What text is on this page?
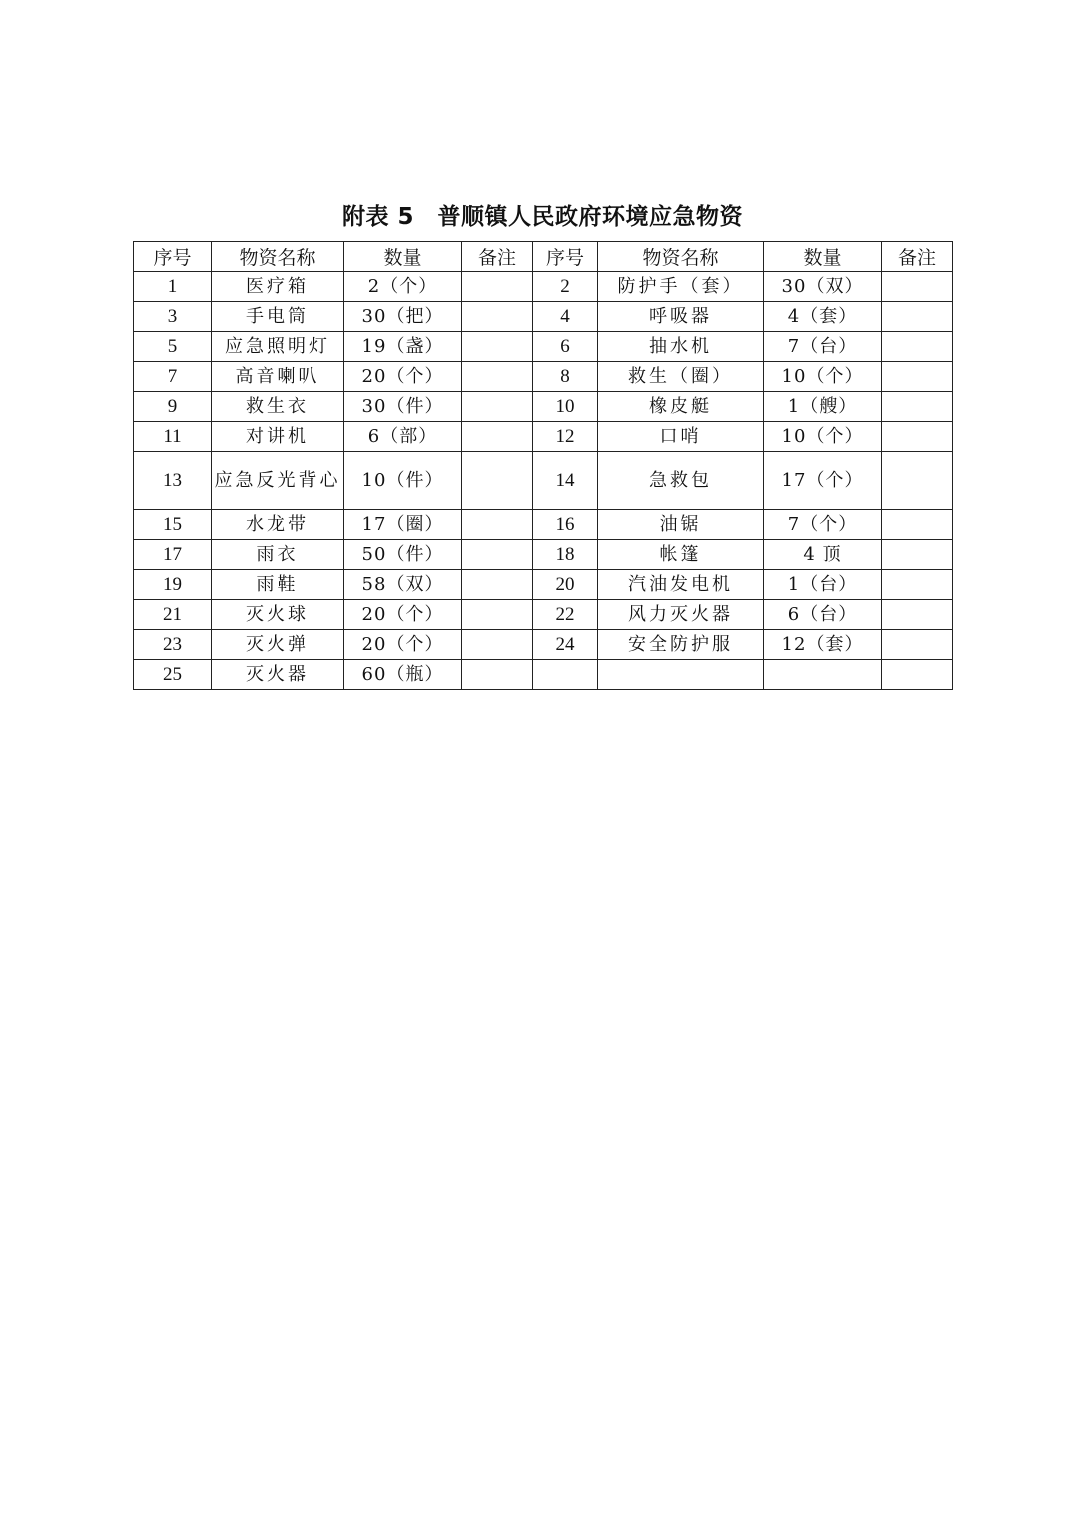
附表 5　普顺镇人民政府环境应急物资
序号	物资名称	数量	备注	序号	物资名称	数量	备注
1	医疗箱	2（个）		2	防护手（套）	30（双）	
3	手电筒	30（把）		4	呼吸器	4（套）	
5	应急照明灯	19（盏）		6	抽水机	7（台）	
7	高音喇叭	20（个）		8	救生（圈）	10（个）	
9	救生衣	30（件）		10	橡皮艇	1（艘）	
11	对讲机	6（部）		12	口哨	10（个）	
13	应急反光背心	10（件）		14	急救包	17（个）	
15	水龙带	17（圈）		16	油锯	7（个）	
17	雨衣	50（件）		18	帐篷	4 顶	
19	雨鞋	58（双）		20	汽油发电机	1（台）	
21	灭火球	20（个）		22	风力灭火器	6（台）	
23	灭火弹	20（个）		24	安全防护服	12（套）	
25	灭火器	60（瓶）					
